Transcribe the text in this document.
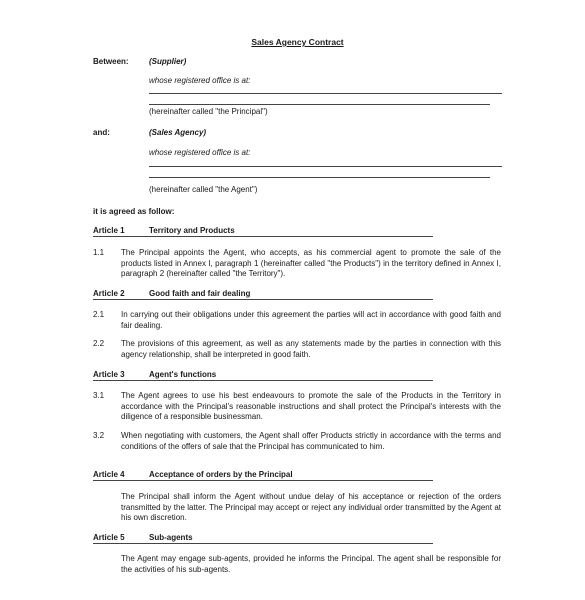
Sales Agency Contract
Between:	(Supplier)
whose registered office is at:
(hereinafter called "the Principal")
and:	(Sales Agency)
whose registered office is at:
(hereinafter called "the Agent")
it is agreed as follow:
Article 1	Territory and Products
1.1 The Principal appoints the Agent, who accepts, as his commercial agent to promote the sale of the products listed in Annex I, paragraph 1 (hereinafter called "the Products") in the territory defined in Annex I, paragraph 2 (hereinafter called "the Territory").
Article 2	Good faith and fair dealing
2.1 In carrying out their obligations under this agreement the parties will act in accordance with good faith and fair dealing.
2.2 The provisions of this agreement, as well as any statements made by the parties in connection with this agency relationship, shall be interpreted in good faith.
Article 3	Agent's functions
3.1 The Agent agrees to use his best endeavours to promote the sale of the Products in the Territory in accordance with the Principal's reasonable instructions and shall protect the Principal's interests with the diligence of a responsible businessman.
3.2 When negotiating with customers, the Agent shall offer Products strictly in accordance with the terms and conditions of the offers of sale that the Principal has communicated to him.
Article 4	Acceptance of orders by the Principal
The Principal shall inform the Agent without undue delay of his acceptance or rejection of the orders transmitted by the latter. The Principal may accept or reject any individual order transmitted by the Agent at his own discretion.
Article 5	Sub-agents
The Agent may engage sub-agents, provided he informs the Principal. The agent shall be responsible for the activities of his sub-agents.
